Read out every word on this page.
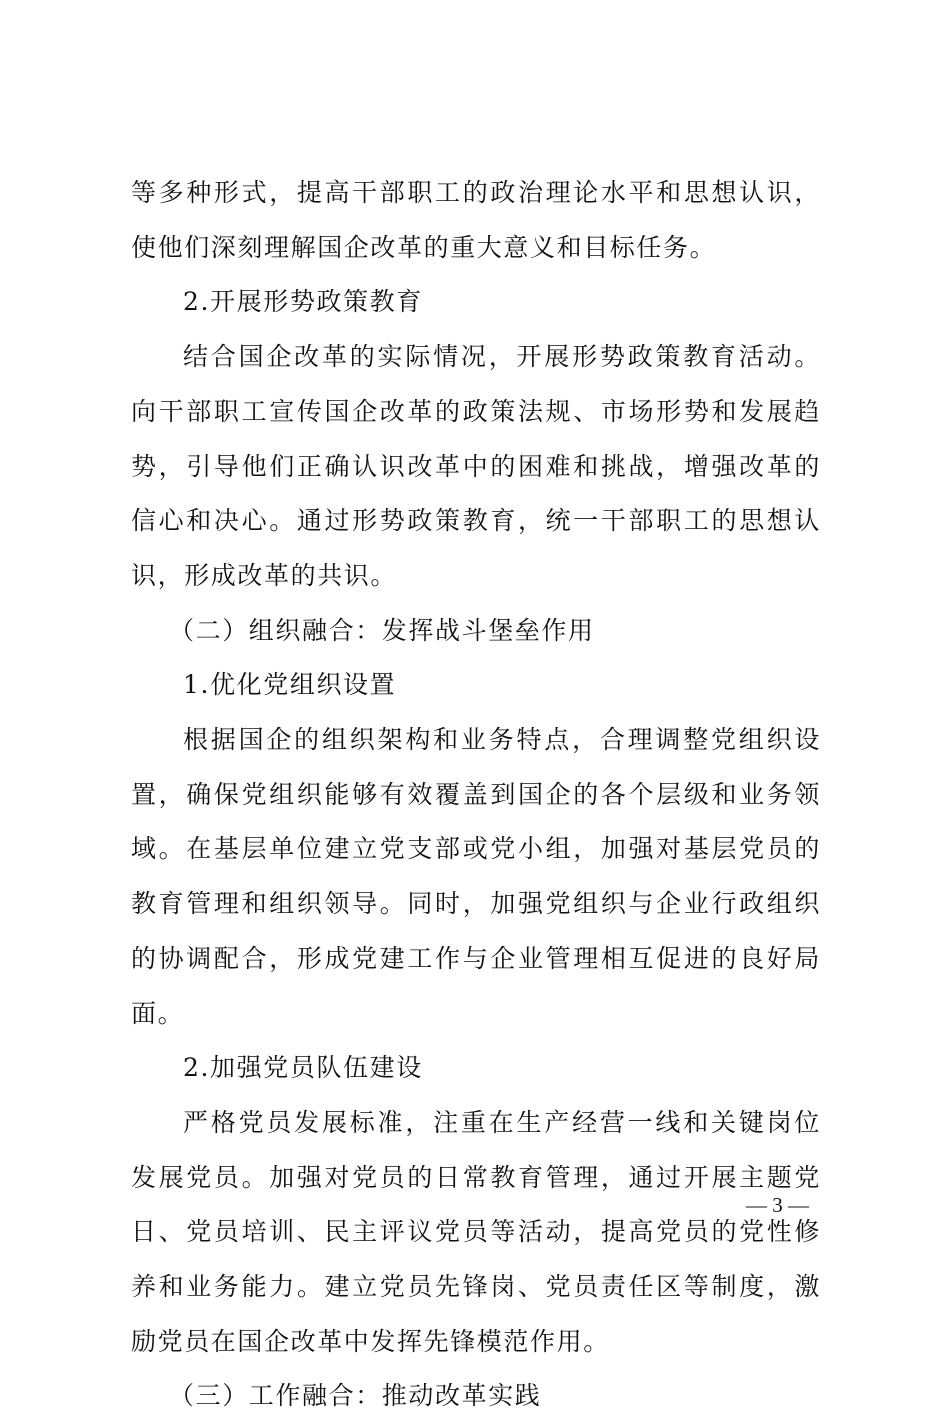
等多种形式，提高干部职工的政治理论水平和思想认识，使他们深刻理解国企改革的重大意义和目标任务。

2.开展形势政策教育

结合国企改革的实际情况，开展形势政策教育活动。向干部职工宣传国企改革的政策法规、市场形势和发展趋势，引导他们正确认识改革中的困难和挑战，增强改革的信心和决心。通过形势政策教育，统一干部职工的思想认识，形成改革的共识。

（二）组织融合：发挥战斗堡垒作用

1.优化党组织设置

根据国企的组织架构和业务特点，合理调整党组织设置，确保党组织能够有效覆盖到国企的各个层级和业务领域。在基层单位建立党支部或党小组，加强对基层党员的教育管理和组织领导。同时，加强党组织与企业行政组织的协调配合，形成党建工作与企业管理相互促进的良好局面。

2.加强党员队伍建设

严格党员发展标准，注重在生产经营一线和关键岗位发展党员。加强对党员的日常教育管理，通过开展主题党日、党员培训、民主评议党员等活动，提高党员的党性修养和业务能力。建立党员先锋岗、党员责任区等制度，激励党员在国企改革中发挥先锋模范作用。

（三）工作融合：推动改革实践

— 3 —
